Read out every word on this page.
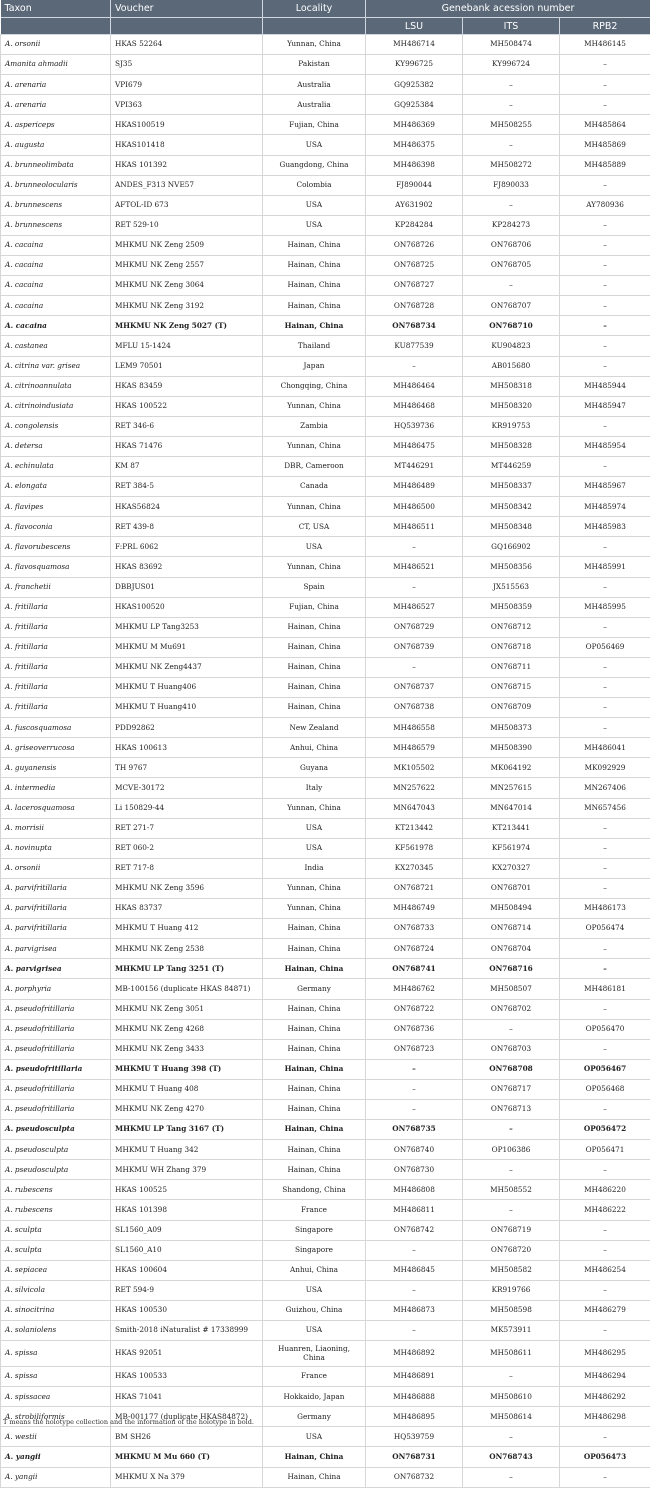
Taxon	Voucher	Locality	Genebank acession number		
			LSU	ITS	RPB2
A. orsonii	HKAS 52264	Yunnan, China	MH486714	MH508474	MH486145
Amanita ahmadii	SJ35	Pakistan	KY996725	KY996724	–
A. arenaria	VPI679	Australia	GQ925382	–	–
A. arenaria	VPI363	Australia	GQ925384	–	–
A. aspericeps	HKAS100519	Fujian, China	MH486369	MH508255	MH485864
A. augusta	HKAS101418	USA	MH486375	–	MH485869
A. brunneolimbata	HKAS 101392	Guangdong, China	MH486398	MH508272	MH485889
A. brunneolocularis	ANDES_F313 NVE57	Colombia	FJ890044	FJ890033	–
A. brunnescens	AFTOL-ID 673	USA	AY631902	–	AY780936
A. brunnescens	RET 529-10	USA	KP284284	KP284273	–
A. cacaina	MHKMU NK Zeng 2509	Hainan, China	ON768726	ON768706	–
A. cacaina	MHKMU NK Zeng 2557	Hainan, China	ON768725	ON768705	–
A. cacaina	MHKMU NK Zeng 3064	Hainan, China	ON768727	–	–
A. cacaina	MHKMU NK Zeng 3192	Hainan, China	ON768728	ON768707	–
A. cacaina	MHKMU NK Zeng 5027 (T)	Hainan, China	ON768734	ON768710	–
A. castanea	MFLU 15-1424	Thailand	KU877539	KU904823	–
A. citrina var. grisea	LEM9 70501	Japan	–	AB015680	–
A. citrinoannulata	HKAS 83459	Chongqing, China	MH486464	MH508318	MH485944
A. citrinoindusiata	HKAS 100522	Yunnan, China	MH486468	MH508320	MH485947
A. congolensis	RET 346-6	Zambia	HQ539736	KR919753	–
A. detersa	HKAS 71476	Yunnan, China	MH486475	MH508328	MH485954
A. echinulata	KM 87	DBR, Cameroon	MT446291	MT446259	–
A. elongata	RET 384-5	Canada	MH486489	MH508337	MH485967
A. flavipes	HKAS56824	Yunnan, China	MH486500	MH508342	MH485974
A. flavoconia	RET 439-8	CT, USA	MH486511	MH508348	MH485983
A. flavorubescens	F:PRL 6062	USA	–	GQ166902	–
A. flavosquamosa	HKAS 83692	Yunnan, China	MH486521	MH508356	MH485991
A. franchetii	DBBJUS01	Spain	–	JX515563	–
A. fritillaria	HKAS100520	Fujian, China	MH486527	MH508359	MH485995
A. fritillaria	MHKMU LP Tang3253	Hainan, China	ON768729	ON768712	–
A. fritillaria	MHKMU M Mu691	Hainan, China	ON768739	ON768718	OP056469
A. fritillaria	MHKMU NK Zeng4437	Hainan, China	–	ON768711	–
A. fritillaria	MHKMU T Huang406	Hainan, China	ON768737	ON768715	–
A. fritillaria	MHKMU T Huang410	Hainan, China	ON768738	ON768709	–
A. fuscosquamosa	PDD92862	New Zealand	MH486558	MH508373	–
A. griseoverrucosa	HKAS 100613	Anhui, China	MH486579	MH508390	MH486041
A. guyanensis	TH 9767	Guyana	MK105502	MK064192	MK092929
A. intermedia	MCVE-30172	Italy	MN257622	MN257615	MN267406
A. lacerosquamosa	Li 150829-44	Yunnan, China	MN647043	MN647014	MN657456
A. morrisii	RET 271-7	USA	KT213442	KT213441	–
A. novinupta	RET 060-2	USA	KF561978	KF561974	–
A. orsonii	RET 717-8	India	KX270345	KX270327	–
A. parvifritillaria	MHKMU NK Zeng 3596	Yunnan, China	ON768721	ON768701	–
A. parvifritillaria	HKAS 83737	Yunnan, China	MH486749	MH508494	MH486173
A. parvifritillaria	MHKMU T Huang 412	Hainan, China	ON768733	ON768714	OP056474
A. parvigrisea	MHKMU NK Zeng 2538	Hainan, China	ON768724	ON768704	–
A. parvigrisea	MHKMU LP Tang 3251 (T)	Hainan, China	ON768741	ON768716	–
A. porphyria	MB-100156 (duplicate HKAS 84871)	Germany	MH486762	MH508507	MH486181
A. pseudofritillaria	MHKMU NK Zeng 3051	Hainan, China	ON768722	ON768702	–
A. pseudofritillaria	MHKMU NK Zeng 4268	Hainan, China	ON768736	–	OP056470
A. pseudofritillaria	MHKMU NK Zeng 3433	Hainan, China	ON768723	ON768703	–
A. pseudofritillaria	MHKMU T Huang 398 (T)	Hainan, China	–	ON768708	OP056467
A. pseudofritillaria	MHKMU T Huang 408	Hainan, China	–	ON768717	OP056468
A. pseudofritillaria	MHKMU NK Zeng 4270	Hainan, China	–	ON768713	–
A. pseudosculpta	MHKMU LP Tang 3167 (T)	Hainan, China	ON768735	–	OP056472
A. pseudosculpta	MHKMU T Huang 342	Hainan, China	ON768740	OP106386	OP056471
A. pseudosculpta	MHKMU WH Zhang 379	Hainan, China	ON768730	–	–
A. rubescens	HKAS 100525	Shandong, China	MH486808	MH508552	MH486220
A. rubescens	HKAS 101398	France	MH486811	–	MH486222
A. sculpta	SL1560_A09	Singapore	ON768742	ON768719	–
A. sculpta	SL1560_A10	Singapore	–	ON768720	–
A. sepiacea	HKAS 100604	Anhui, China	MH486845	MH508582	MH486254
A. silvicola	RET 594-9	USA	–	KR919766	–
A. sinocitrina	HKAS 100530	Guizhou, China	MH486873	MH508598	MH486279
A. solaniolens	Smith-2018 iNaturalist # 17338999	USA	–	MK573911	–
A. spissa	HKAS 92051	Huanren, Liaoning, China	MH486892	MH508611	MH486295
A. spissa	HKAS 100533	France	MH486891	–	MH486294
A. spissacea	HKAS 71041	Hokkaido, Japan	MH486888	MH508610	MH486292
A. strobiliformis	MB-001177 (duplicate HKAS84872)	Germany	MH486895	MH508614	MH486298
A. westii	BM SH26	USA	HQ539759	–	–
A. yangii	MHKMU M Mu 660 (T)	Hainan, China	ON768731	ON768743	OP056473
A. yangii	MHKMU X Na 379	Hainan, China	ON768732	–	–
T means the holotype collection and the information of the holotype in bold.
